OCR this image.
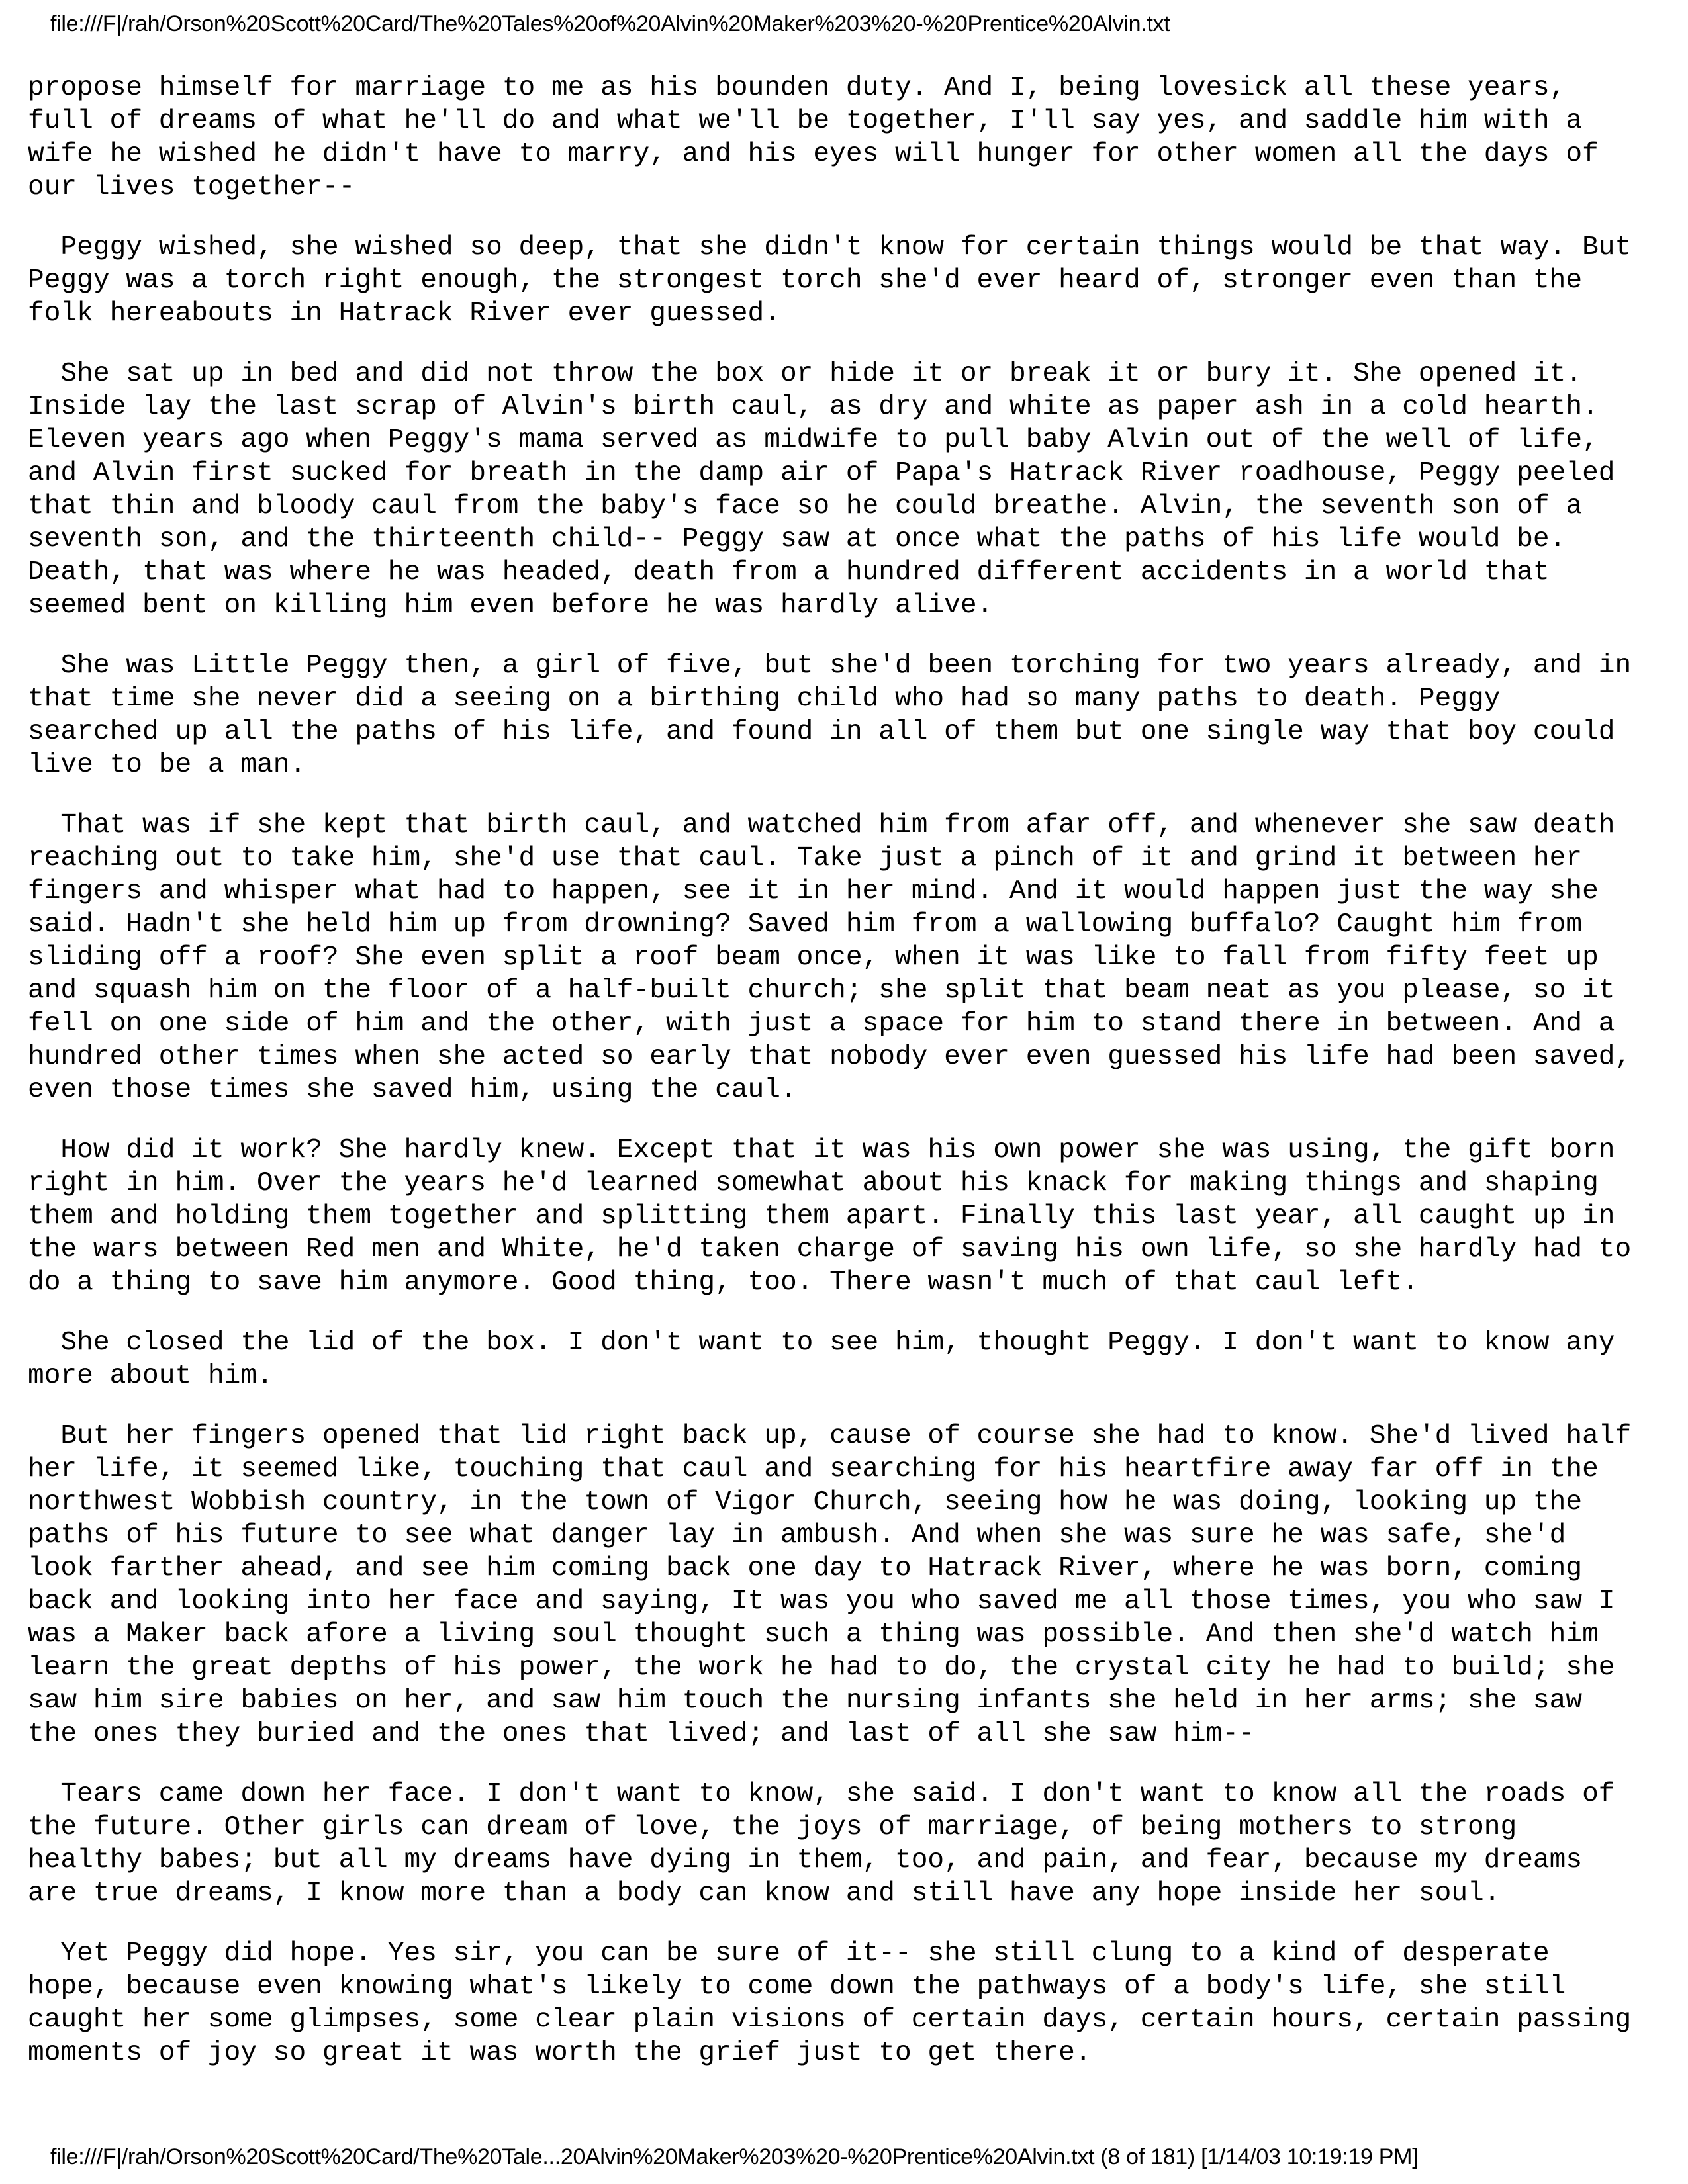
file:///F|/rah/Orson%20Scott%20Card/The%20Tales%20of%20Alvin%20Maker%203%20-%20Prentice%20Alvin.txt

propose himself for marriage to me as his bounden duty. And I, being lovesick all these years,
full of dreams of what he'll do and what we'll be together, I'll say yes, and saddle him with a
wife he wished he didn't have to marry, and his eyes will hunger for other women all the days of
our lives together--

Peggy wished, she wished so deep, that she didn't know for certain things would be that way. But
Peggy was a torch right enough, the strongest torch she'd ever heard of, stronger even than the
folk hereabouts in Hatrack River ever guessed.

She sat up in bed and did not throw the box or hide it or break it or bury it. She opened it.
Inside lay the last scrap of Alvin's birth caul, as dry and white as paper ash in a cold hearth.
Eleven years ago when Peggy's mama served as midwife to pull baby Alvin out of the well of life,
and Alvin first sucked for breath in the damp air of Papa's Hatrack River roadhouse, Peggy peeled
that thin and bloody caul from the baby's face so he could breathe. Alvin, the seventh son of a
seventh son, and the thirteenth child-- Peggy saw at once what the paths of his life would be.
Death, that was where he was headed, death from a hundred different accidents in a world that
seemed bent on killing him even before he was hardly alive.

She was Little Peggy then, a girl of five, but she'd been torching for two years already, and in
that time she never did a seeing on a birthing child who had so many paths to death. Peggy
searched up all the paths of his life, and found in all of them but one single way that boy could
live to be a man.

That was if she kept that birth caul, and watched him from afar off, and whenever she saw death
reaching out to take him, she'd use that caul. Take just a pinch of it and grind it between her
fingers and whisper what had to happen, see it in her mind. And it would happen just the way she
said. Hadn't she held him up from drowning? Saved him from a wallowing buffalo? Caught him from
sliding off a roof? She even split a roof beam once, when it was like to fall from fifty feet up
and squash him on the floor of a half-built church; she split that beam neat as you please, so it
fell on one side of him and the other, with just a space for him to stand there in between. And a
hundred other times when she acted so early that nobody ever even guessed his life had been saved,
even those times she saved him, using the caul.

How did it work? She hardly knew. Except that it was his own power she was using, the gift born
right in him. Over the years he'd learned somewhat about his knack for making things and shaping
them and holding them together and splitting them apart. Finally this last year, all caught up in
the wars between Red men and White, he'd taken charge of saving his own life, so she hardly had to
do a thing to save him anymore. Good thing, too. There wasn't much of that caul left.

She closed the lid of the box. I don't want to see him, thought Peggy. I don't want to know any
more about him.

But her fingers opened that lid right back up, cause of course she had to know. She'd lived half
her life, it seemed like, touching that caul and searching for his heartfire away far off in the
northwest Wobbish country, in the town of Vigor Church, seeing how he was doing, looking up the
paths of his future to see what danger lay in ambush. And when she was sure he was safe, she'd
look farther ahead, and see him coming back one day to Hatrack River, where he was born, coming
back and looking into her face and saying, It was you who saved me all those times, you who saw I
was a Maker back afore a living soul thought such a thing was possible. And then she'd watch him
learn the great depths of his power, the work he had to do, the crystal city he had to build; she
saw him sire babies on her, and saw him touch the nursing infants she held in her arms; she saw
the ones they buried and the ones that lived; and last of all she saw him--

Tears came down her face. I don't want to know, she said. I don't want to know all the roads of
the future. Other girls can dream of love, the joys of marriage, of being mothers to strong
healthy babes; but all my dreams have dying in them, too, and pain, and fear, because my dreams
are true dreams, I know more than a body can know and still have any hope inside her soul.

Yet Peggy did hope. Yes sir, you can be sure of it-- she still clung to a kind of desperate
hope, because even knowing what's likely to come down the pathways of a body's life, she still
caught her some glimpses, some clear plain visions of certain days, certain hours, certain passing
moments of joy so great it was worth the grief just to get there.

file:///F|/rah/Orson%20Scott%20Card/The%20Tale...20Alvin%20Maker%203%20-%20Prentice%20Alvin.txt (8 of 181) [1/14/03 10:19:19 PM]
